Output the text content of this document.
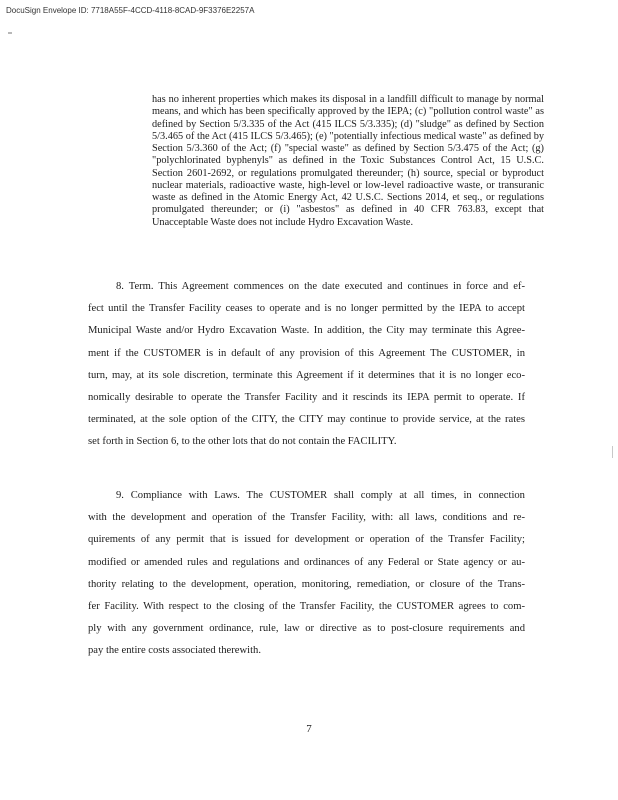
DocuSign Envelope ID: 7718A55F-4CCD-4118-8CAD-9F3376E2257A
has no inherent properties which makes its disposal in a landfill difficult to manage by normal means, and which has been specifically approved by the IEPA; (c) "pollution control waste" as defined by Section 5/3.335 of the Act (415 ILCS 5/3.335); (d) "sludge" as defined by Section 5/3.465 of the Act (415 ILCS 5/3.465); (e) "potentially infectious medical waste" as defined by Section 5/3.360 of the Act; (f) "special waste" as defined by Section 5/3.475 of the Act; (g) "polychlorinated byphenyls" as defined in the Toxic Substances Control Act, 15 U.S.C. Section 2601-2692, or regulations promulgated thereunder; (h) source, special or byproduct nuclear materials, radioactive waste, high-level or low-level radioactive waste, or transuranic waste as defined in the Atomic Energy Act, 42 U.S.C. Sections 2014, et seq., or regulations promulgated thereunder; or (i) "asbestos" as defined in 40 CFR 763.83, except that Unacceptable Waste does not include Hydro Excavation Waste.
8. Term. This Agreement commences on the date executed and continues in force and ef-
fect until the Transfer Facility ceases to operate and is no longer permitted by the IEPA to accept
Municipal Waste and/or Hydro Excavation Waste. In addition, the City may terminate this Agree-
ment if the CUSTOMER is in default of any provision of this Agreement The CUSTOMER, in
turn, may, at its sole discretion, terminate this Agreement if it determines that it is no longer eco-
nomically desirable to operate the Transfer Facility and it rescinds its IEPA permit to operate. If
terminated, at the sole option of the CITY, the CITY may continue to provide service, at the rates
set forth in Section 6, to the other lots that do not contain the FACILITY.
9. Compliance with Laws. The CUSTOMER shall comply at all times, in connection
with the development and operation of the Transfer Facility, with: all laws, conditions and re-
quirements of any permit that is issued for development or operation of the Transfer Facility;
modified or amended rules and regulations and ordinances of any Federal or State agency or au-
thority relating to the development, operation, monitoring, remediation, or closure of the Trans-
fer Facility. With respect to the closing of the Transfer Facility, the CUSTOMER agrees to com-
ply with any government ordinance, rule, law or directive as to post-closure requirements and
pay the entire costs associated therewith.
7
